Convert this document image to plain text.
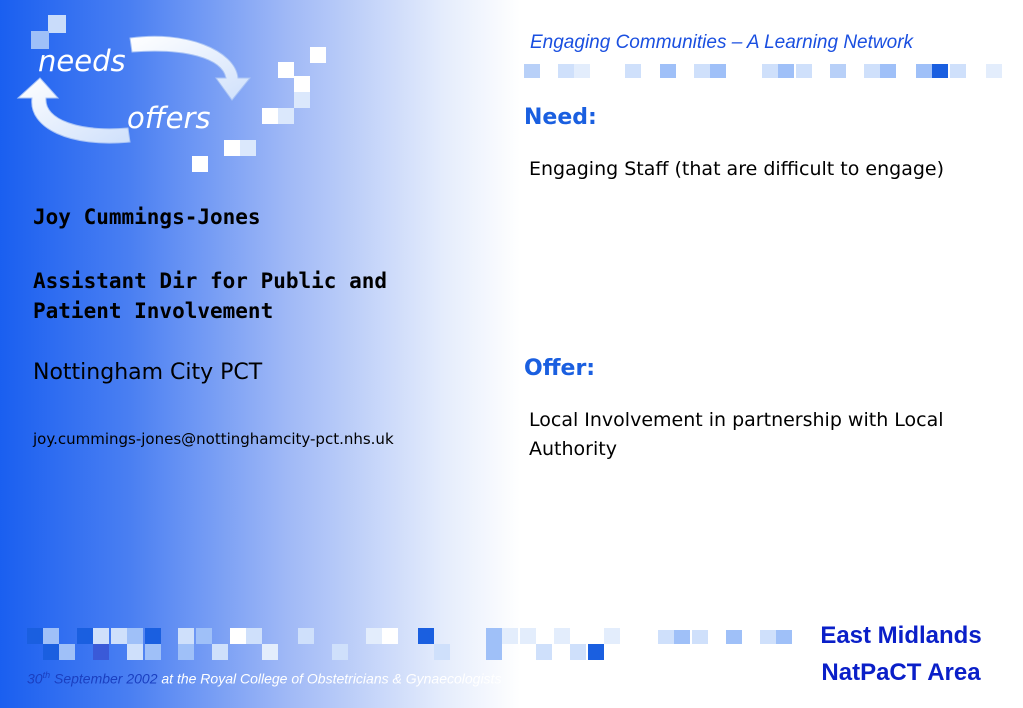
needs
offers
Engaging Communities – A Learning Network
Joy Cummings-Jones
Assistant Dir for Public and Patient Involvement
Nottingham City PCT
joy.cummings-jones@nottinghamcity-pct.nhs.uk
Need:
Engaging Staff (that are difficult to engage)
Offer:
Local Involvement in partnership with Local Authority
East Midlands
NatPaCT Area
30th September 2002 at the Royal College of Obstetricians & Gynaecologists
